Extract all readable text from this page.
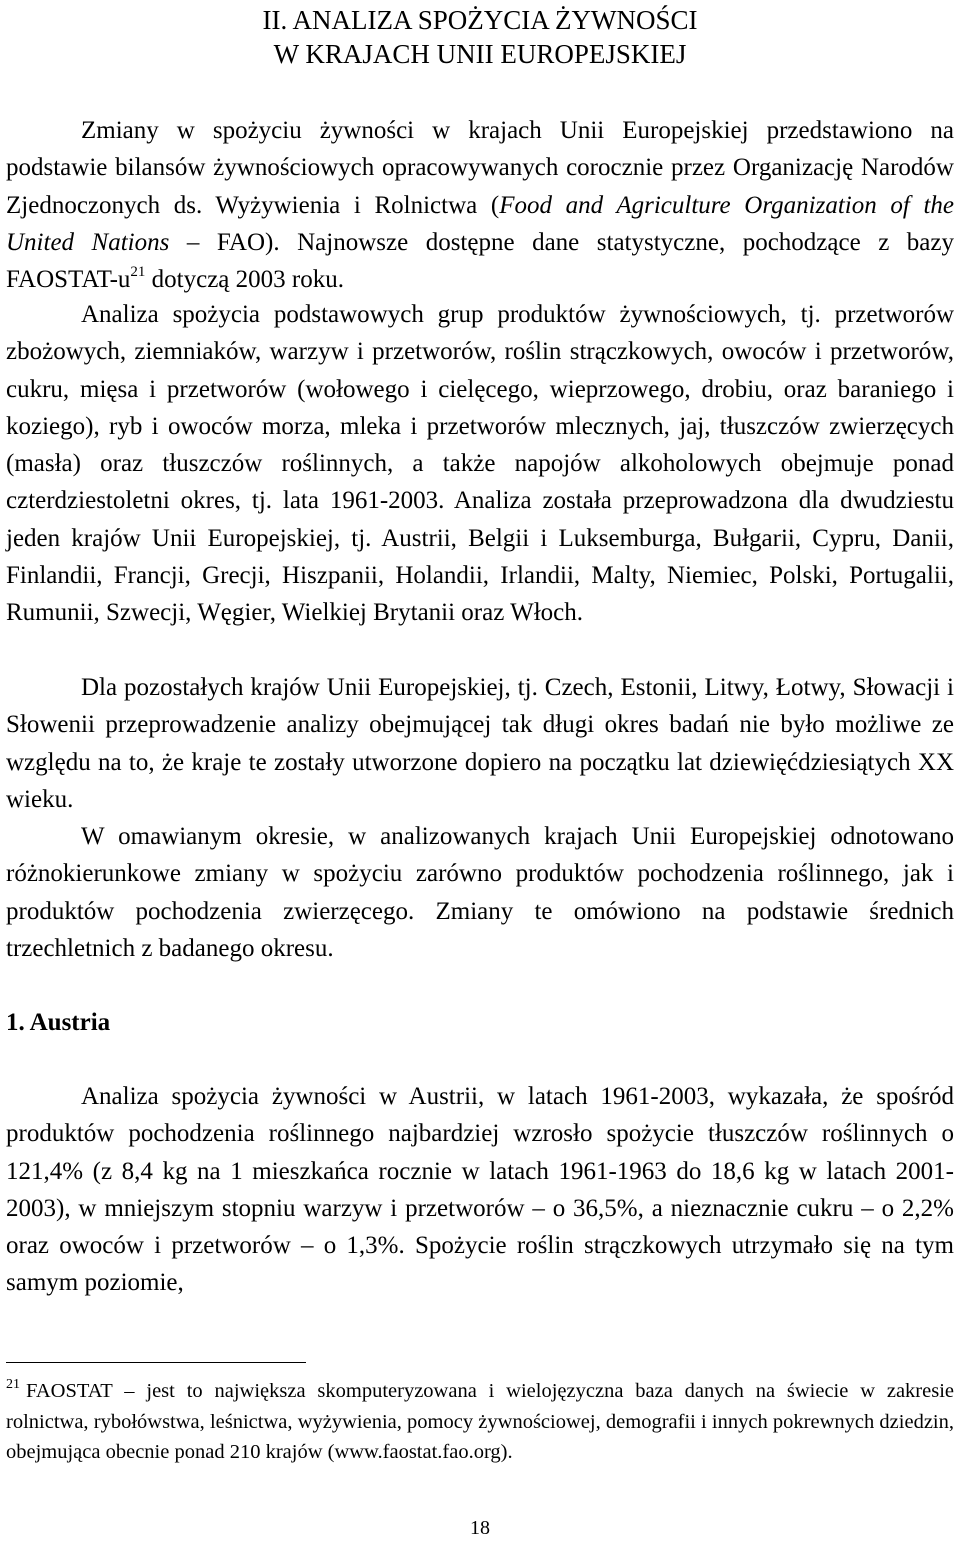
II. ANALIZA SPOŻYCIA ŻYWNOŚCI
W KRAJACH UNII EUROPEJSKIEJ

Zmiany w spożyciu żywności w krajach Unii Europejskiej przedstawiono na podstawie bilansów żywnościowych opracowywanych corocznie przez Organizację Narodów Zjednoczonych ds. Wyżywienia i Rolnictwa (Food and Agriculture Organization of the United Nations – FAO). Najnowsze dostępne dane statystyczne, pochodzące z bazy FAOSTAT-$u^{21}$ dotyczą 2003 roku.

Analiza spożycia podstawowych grup produktów żywnościowych, tj. przetworów zbożowych, ziemniaków, warzyw i przetworów, roślin strączkowych, owoców i przetworów, cukru, mięsa i przetworów (wołowego i cielęcego, wieprzowego, drobiu, oraz baraniego i koziego), ryb i owoców morza, mleka i przetworów mlecznych, jaj, tłuszczów zwierzęcych (masła) oraz tłuszczów roślinnych, a także napojów alkoholowych obejmuje ponad czterdziestoletni okres, tj. lata 1961-2003. Analiza została przeprowadzona dla dwudziestu jeden krajów Unii Europejskiej, tj. Austrii, Belgii i Luksemburga, Bułgarii, Cypru, Danii, Finlandii, Francji, Grecji, Hiszpanii, Holandii, Irlandii, Malty, Niemiec, Polski, Portugalii, Rumunii, Szwecji, Węgier, Wielkiej Brytanii oraz Włoch.

Dla pozostałych krajów Unii Europejskiej, tj. Czech, Estonii, Litwy, Łotwy, Słowacji i Słowenii przeprowadzenie analizy obejmującej tak długi okres badań nie było możliwe ze względu na to, że kraje te zostały utworzone dopiero na początku lat dziewięćdziesiątych XX wieku.

W omawianym okresie, w analizowanych krajach Unii Europejskiej odnotowano różnokierunkowe zmiany w spożyciu zarówno produktów pochodzenia roślinnego, jak i produktów pochodzenia zwierzęcego. Zmiany te omówiono na podstawie średnich trzechletnich z badanego okresu.

1. Austria

Analiza spożycia żywności w Austrii, w latach 1961-2003, wykazała, że spośród produktów pochodzenia roślinnego najbardziej wzrosło spożycie tłuszczów roślinnych o 121,4% (z 8,4 kg na 1 mieszkańca rocznie w latach 1961-1963 do 18,6 kg w latach 2001-2003), w mniejszym stopniu warzyw i przetworów – o 36,5%, a nieznacznie cukru – o 2,2% oraz owoców i przetworów – o 1,3%. Spożycie roślin strączkowych utrzymało się na tym samym poziomie,

$^{21}$ FAOSTAT – jest to największa skomputeryzowana i wielojęzyczna baza danych na świecie w zakresie rolnictwa, rybołówstwa, leśnictwa, wyżywienia, pomocy żywnościowej, demografii i innych pokrewnych dziedzin, obejmująca obecnie ponad 210 krajów (www.faostat.fao.org).

18
